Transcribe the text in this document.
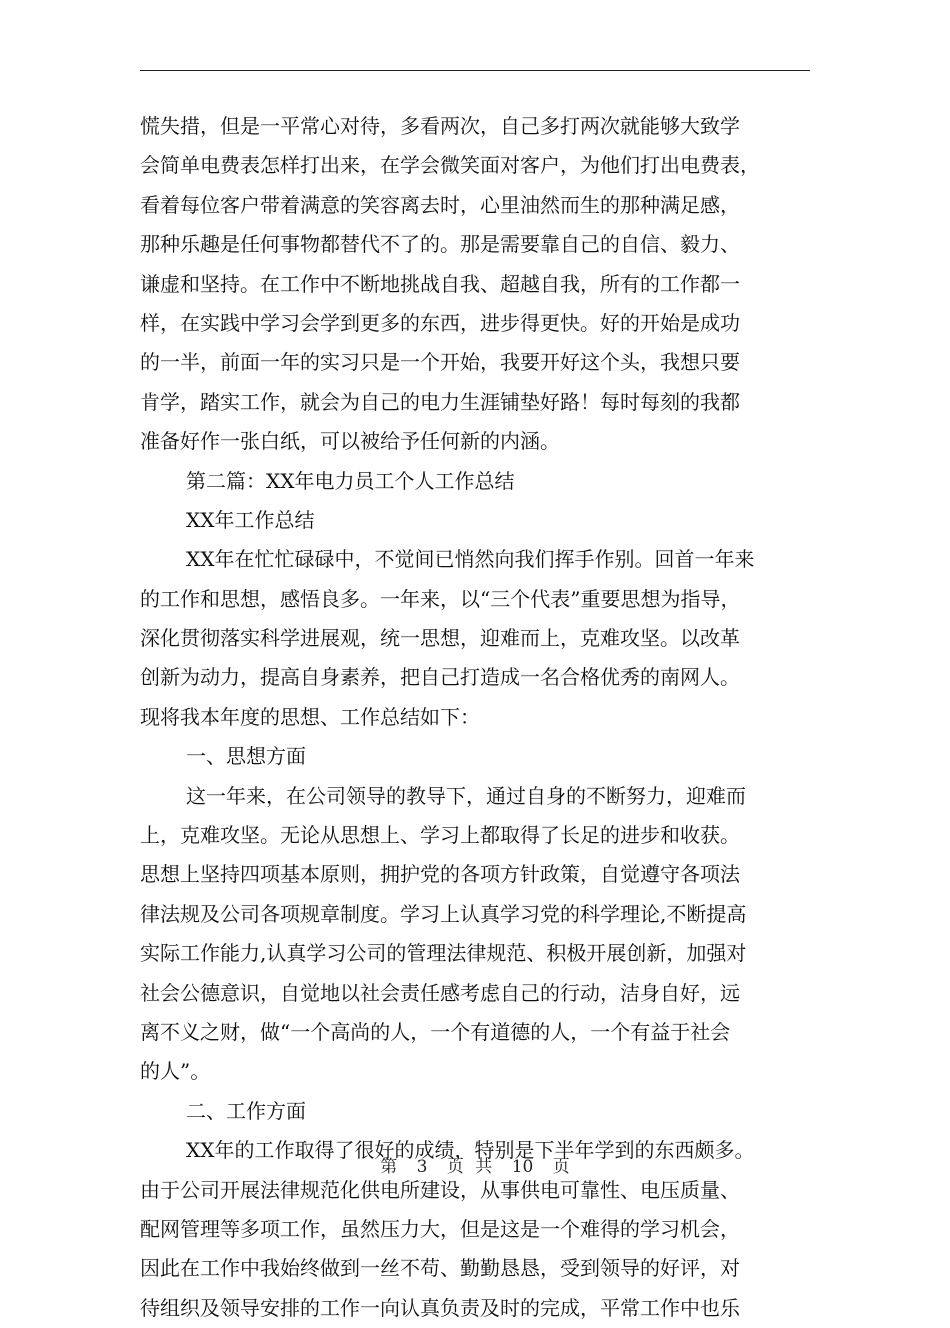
慌失措，但是一平常心对待，多看两次，自己多打两次就能够大致学
会简单电费表怎样打出来，在学会微笑面对客户，为他们打出电费表，
看着每位客户带着满意的笑容离去时，心里油然而生的那种满足感，
那种乐趣是任何事物都替代不了的。那是需要靠自己的自信、毅力、
谦虚和坚持。在工作中不断地挑战自我、超越自我，所有的工作都一
样，在实践中学习会学到更多的东西，进步得更快。好的开始是成功
的一半，前面一年的实习只是一个开始，我要开好这个头，我想只要
肯学，踏实工作，就会为自己的电力生涯铺垫好路！每时每刻的我都
准备好作一张白纸，可以被给予任何新的内涵。
第二篇：XX年电力员工个人工作总结
XX年工作总结
XX年在忙忙碌碌中，不觉间已悄然向我们挥手作别。回首一年来
的工作和思想，感悟良多。一年来，以“三个代表”重要思想为指导，
深化贯彻落实科学进展观，统一思想，迎难而上，克难攻坚。以改革
创新为动力，提高自身素养，把自己打造成一名合格优秀的南网人。
现将我本年度的思想、工作总结如下：
一、思想方面
这一年来，在公司领导的教导下，通过自身的不断努力，迎难而
上，克难攻坚。无论从思想上、学习上都取得了长足的进步和收获。
思想上坚持四项基本原则，拥护党的各项方针政策，自觉遵守各项法
律法规及公司各项规章制度。学习上认真学习党的科学理论,不断提高
实际工作能力,认真学习公司的管理法律规范、积极开展创新，加强对
社会公德意识，自觉地以社会责任感考虑自己的行动，洁身自好，远
离不义之财，做“一个高尚的人，一个有道德的人，一个有益于社会
的人”。
二、工作方面
XX年的工作取得了很好的成绩，特别是下半年学到的东西颇多。
由于公司开展法律规范化供电所建设，从事供电可靠性、电压质量、
配网管理等多项工作，虽然压力大，但是这是一个难得的学习机会，
因此在工作中我始终做到一丝不苟、勤勤恳恳，受到领导的好评，对
待组织及领导安排的工作一向认真负责及时的完成，平常工作中也乐
第 3 页 共 10 页
